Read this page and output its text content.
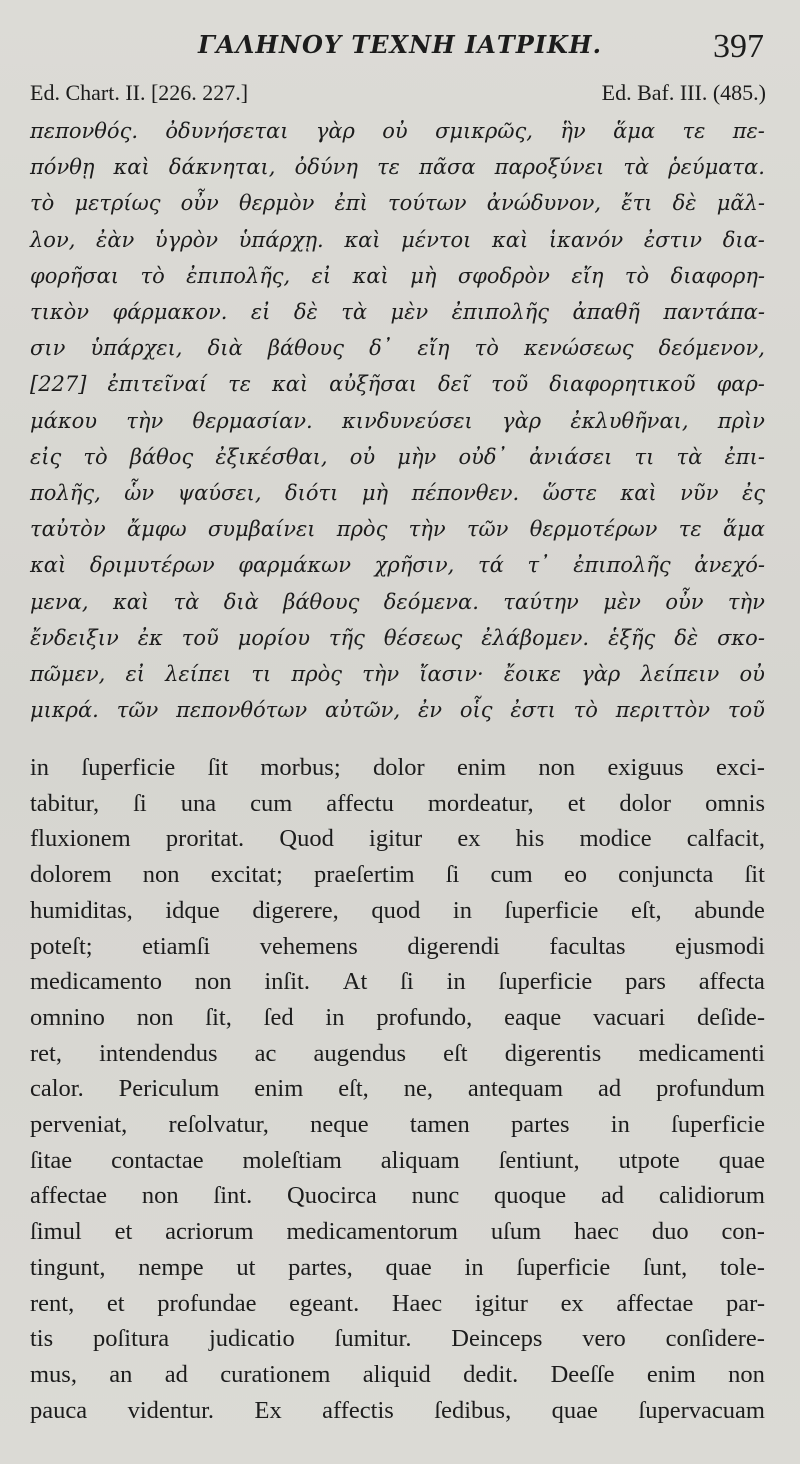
ΓΑΛΗΝΟΥ ΤΕΧΝΗ ΙΑΤΡΙΚΗ.	397
Ed. Chart. II. [226. 227.]	Ed. Baf. III. (485.)
πεπονθός. ὀδυνήσεται γὰρ οὐ σμικρῶς, ἣν ἅμα τε πε-
πόνθῃ καὶ δάκνηται, ὀδύνη τε πᾶσα παροξύνει τὰ ῥεύματα.
τὸ μετρίως οὖν θερμὸν ἐπὶ τούτων ἀνώδυνον, ἔτι δὲ μᾶλ-
λον, ἐὰν ὑγρὸν ὑπάρχῃ. καὶ μέντοι καὶ ἱκανόν ἐστιν δια-
φορῆσαι τὸ ἐπιπολῆς, εἰ καὶ μὴ σφοδρὸν εἴη τὸ διαφορη-
τικὸν φάρμακον. εἰ δὲ τὰ μὲν ἐπιπολῆς ἀπαθῆ παντάπα-
σιν ὑπάρχει, διὰ βάθους δ᾽ εἴη τὸ κενώσεως δεόμενον,
[227] ἐπιτεῖναί τε καὶ αὐξῆσαι δεῖ τοῦ διαφορητικοῦ φαρ-
μάκου τὴν θερμασίαν. κινδυνεύσει γὰρ ἐκλυθῆναι, πρὶν
εἰς τὸ βάθος ἐξικέσθαι, οὐ μὴν οὐδ᾽ ἀνιάσει τι τὰ ἐπι-
πολῆς, ὧν ψαύσει, διότι μὴ πέπονθεν. ὥστε καὶ νῦν ἐς
ταὐτὸν ἄμφω συμβαίνει πρὸς τὴν τῶν θερμοτέρων τε ἅμα
καὶ δριμυτέρων φαρμάκων χρῆσιν, τά τ᾽ ἐπιπολῆς ἀνεχό-
μενα, καὶ τὰ διὰ βάθους δεόμενα. ταύτην μὲν οὖν τὴν
ἔνδειξιν ἐκ τοῦ μορίου τῆς θέσεως ἐλάβομεν. ἑξῆς δὲ σκο-
πῶμεν, εἰ λείπει τι πρὸς τὴν ἴασιν· ἔοικε γὰρ λείπειν οὐ
μικρά. τῶν πεπονθότων αὐτῶν, ἐν οἷς ἐστι τὸ περιττὸν τοῦ
in ſuperficie ſit morbus; dolor enim non exiguus exci-
tabitur, ſi una cum affectu mordeatur, et dolor omnis
fluxionem proritat. Quod igitur ex his modice calfacit,
dolorem non excitat; praeſertim ſi cum eo conjuncta ſit
humiditas, idque digerere, quod in ſuperficie eſt, abunde
poteſt; etiamſi vehemens digerendi facultas ejusmodi
medicamento non inſit. At ſi in ſuperficie pars affecta
omnino non ſit, ſed in profundo, eaque vacuari deſide-
ret, intendendus ac augendus eſt digerentis medicamenti
calor. Periculum enim eſt, ne, antequam ad profundum
perveniat, reſolvatur, neque tamen partes in ſuperficie
ſitae contactae moleſtiam aliquam ſentiunt, utpote quae
affectae non ſint. Quocirca nunc quoque ad calidiorum
ſimul et acriorum medicamentorum uſum haec duo con-
tingunt, nempe ut partes, quae in ſuperficie ſunt, tole-
rent, et profundae egeant. Haec igitur ex affectae par-
tis poſitura judicatio ſumitur. Deinceps vero conſidere-
mus, an ad curationem aliquid dedit. Deeſſe enim non
pauca videntur. Ex affectis ſedibus, quae ſupervacuam
